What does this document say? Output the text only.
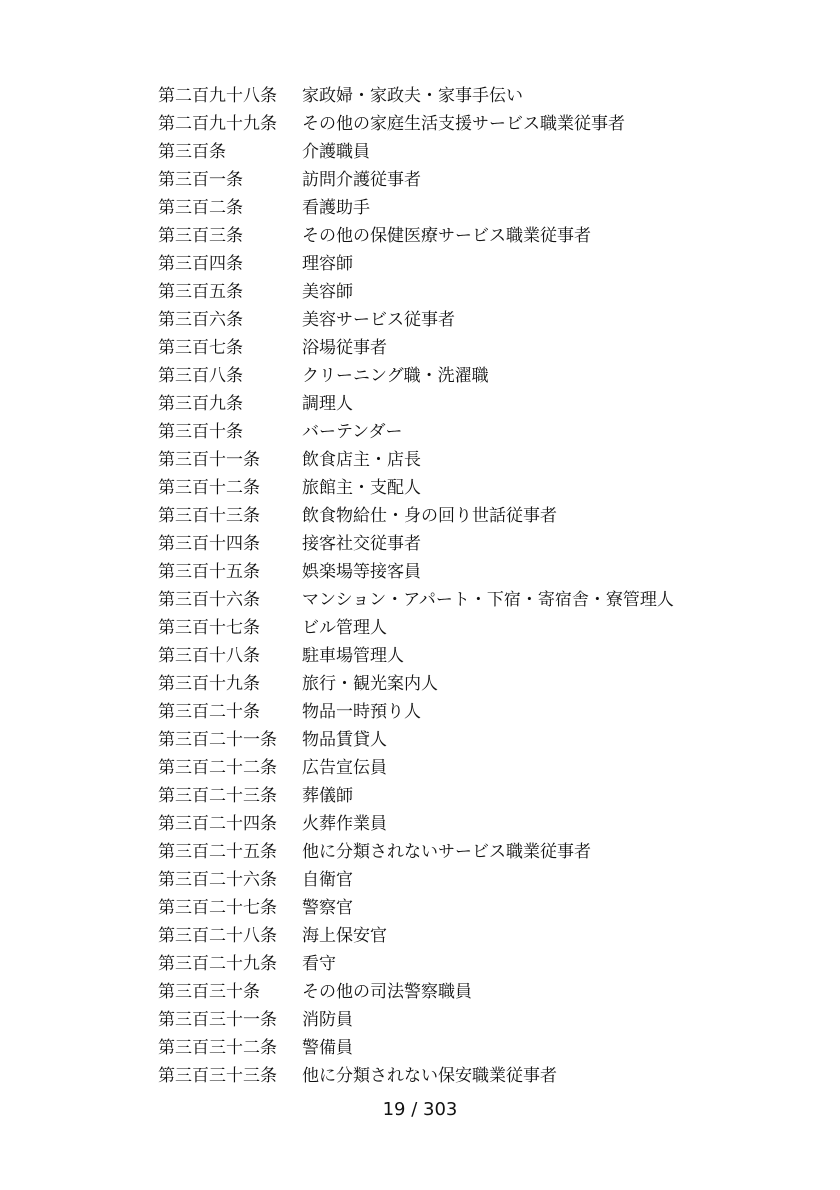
第二百九十八条	家政婦・家政夫・家事手伝い
第二百九十九条	その他の家庭生活支援サービス職業従事者
第三百条	介護職員
第三百一条	訪問介護従事者
第三百二条	看護助手
第三百三条	その他の保健医療サービス職業従事者
第三百四条	理容師
第三百五条	美容師
第三百六条	美容サービス従事者
第三百七条	浴場従事者
第三百八条	クリーニング職・洗濯職
第三百九条	調理人
第三百十条	バーテンダー
第三百十一条	飲食店主・店長
第三百十二条	旅館主・支配人
第三百十三条	飲食物給仕・身の回り世話従事者
第三百十四条	接客社交従事者
第三百十五条	娯楽場等接客員
第三百十六条	マンション・アパート・下宿・寄宿舎・寮管理人
第三百十七条	ビル管理人
第三百十八条	駐車場管理人
第三百十九条	旅行・観光案内人
第三百二十条	物品一時預り人
第三百二十一条	物品賃貸人
第三百二十二条	広告宣伝員
第三百二十三条	葬儀師
第三百二十四条	火葬作業員
第三百二十五条	他に分類されないサービス職業従事者
第三百二十六条	自衛官
第三百二十七条	警察官
第三百二十八条	海上保安官
第三百二十九条	看守
第三百三十条	その他の司法警察職員
第三百三十一条	消防員
第三百三十二条	警備員
第三百三十三条	他に分類されない保安職業従事者
19 / 303
